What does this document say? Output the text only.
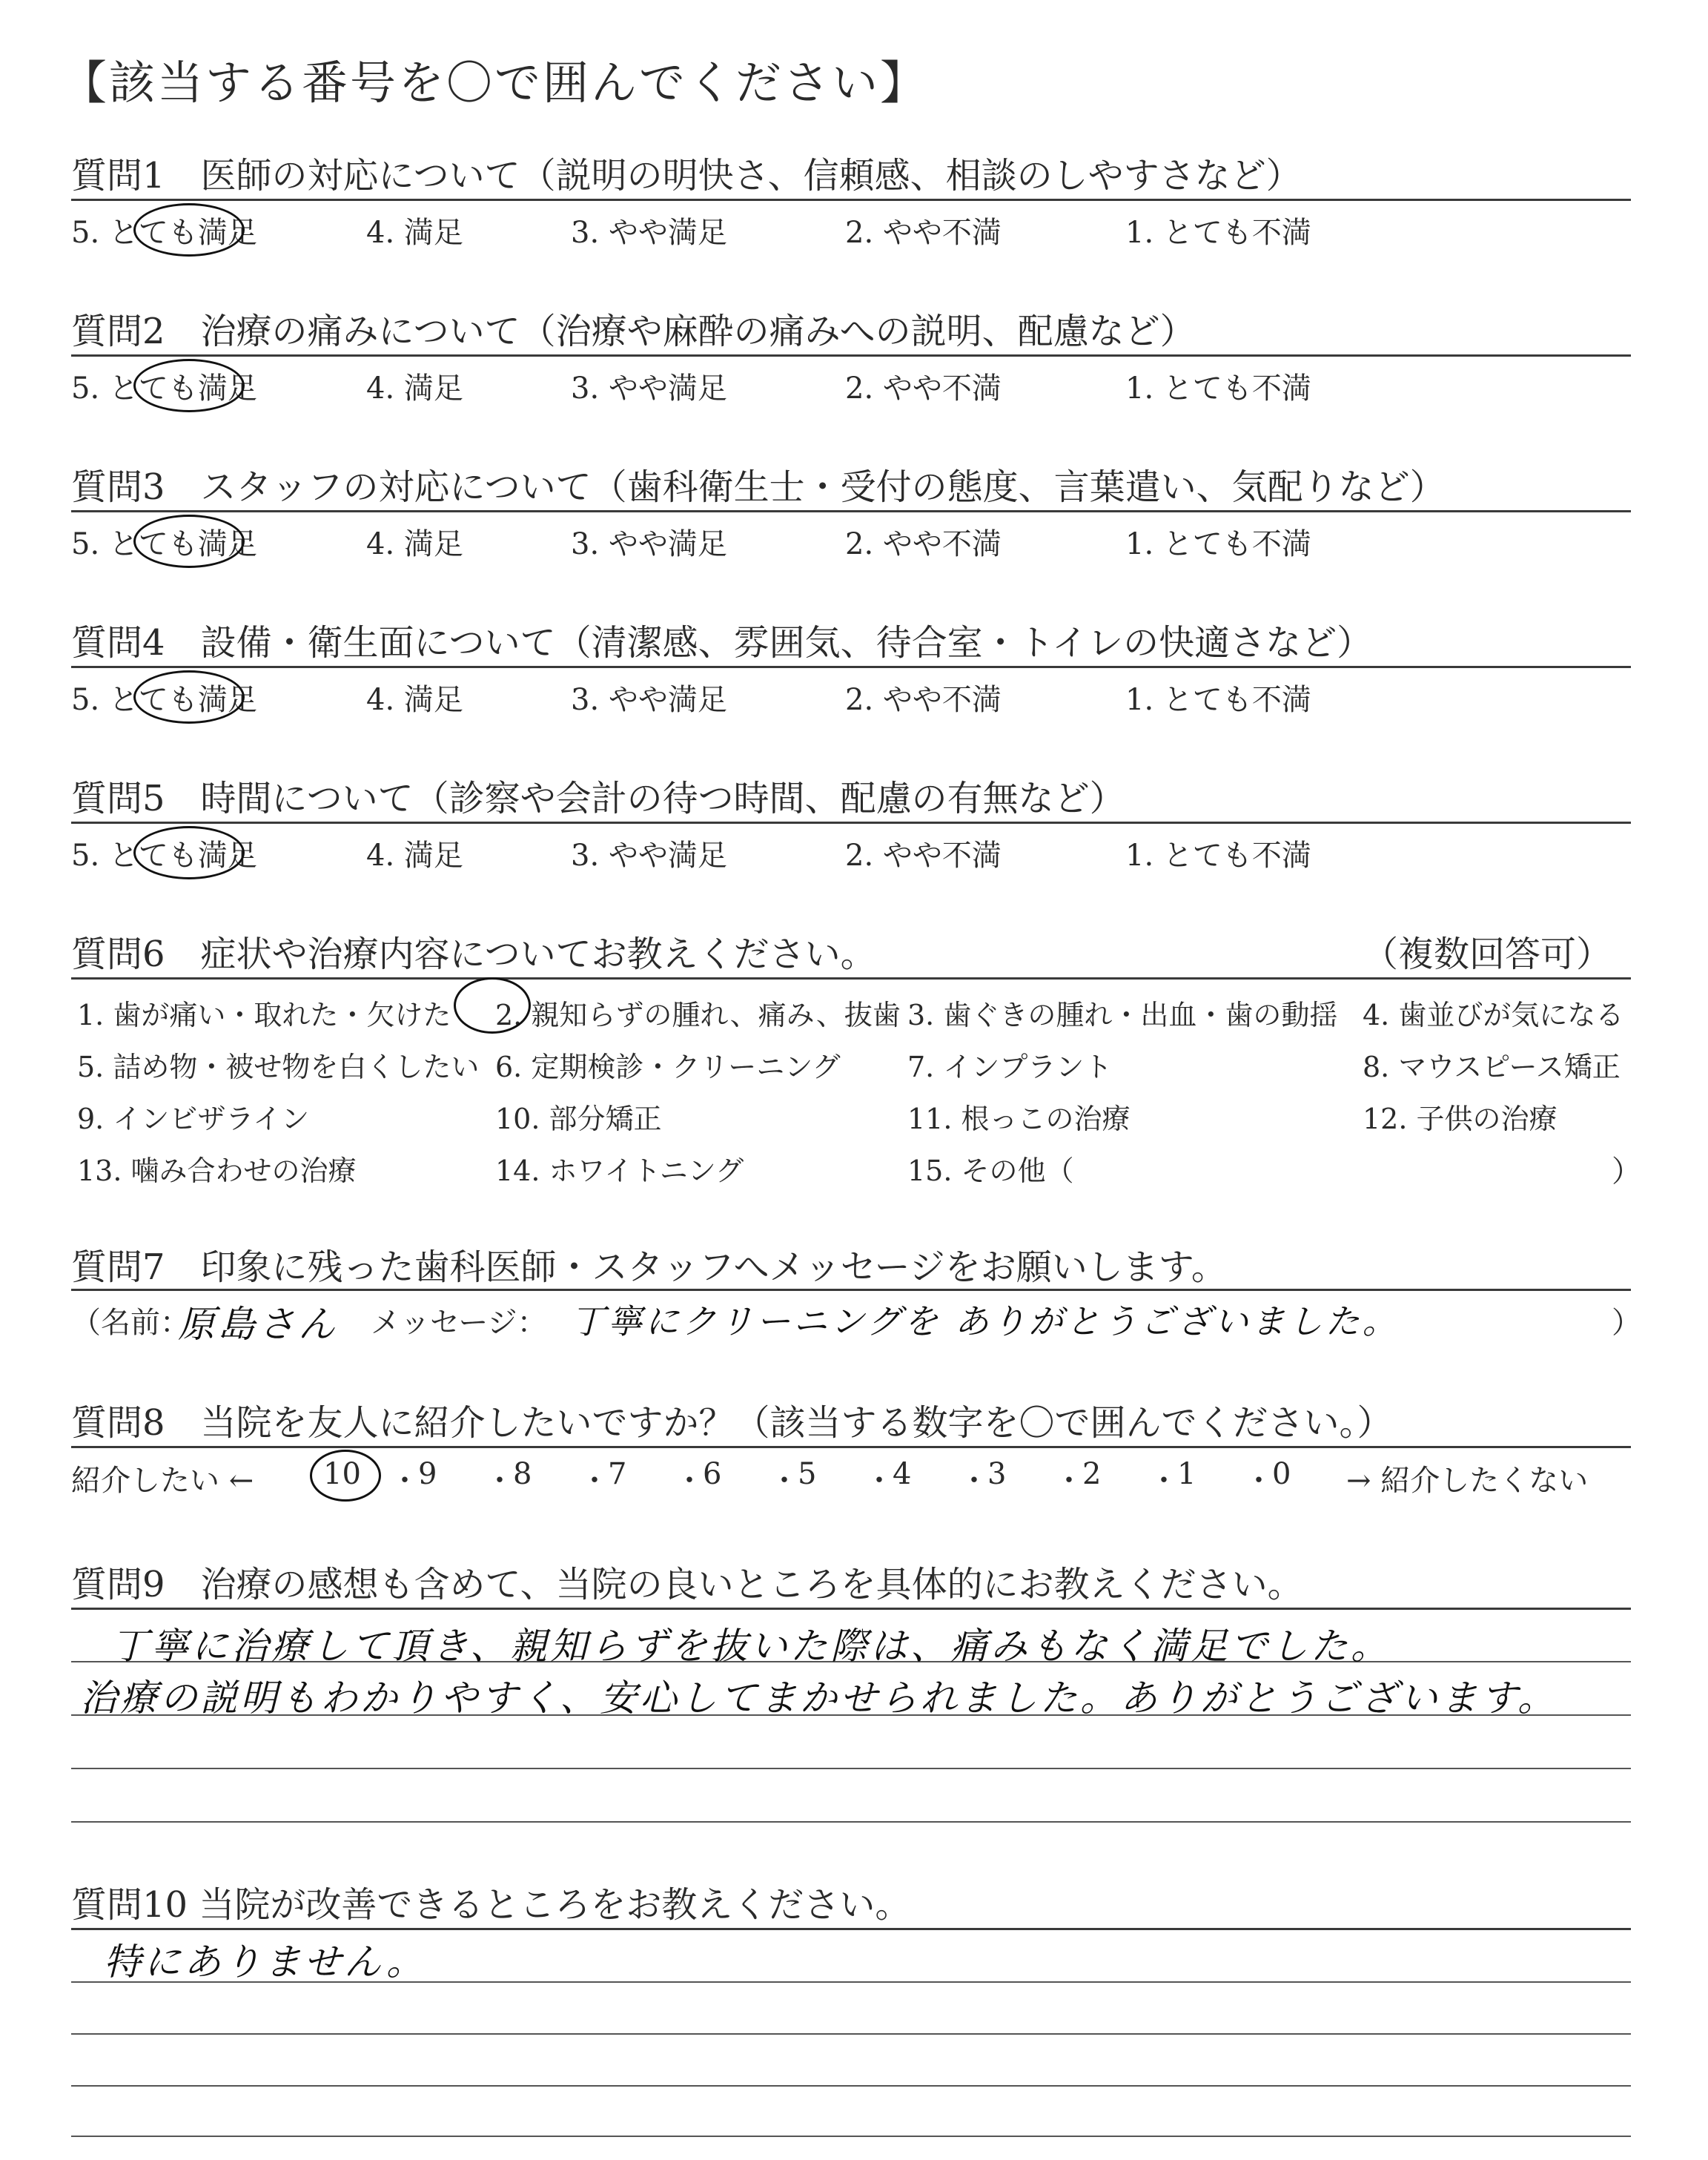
【該当する番号を〇で囲んでください】
質問1　医師の対応について（説明の明快さ、信頼感、相談のしやすさなど）
5. とても満足	4. 満足	3. やや満足	2. やや不満	1. とても不満
質問2　治療の痛みについて（治療や麻酔の痛みへの説明、配慮など）
5. とても満足	4. 満足	3. やや満足	2. やや不満	1. とても不満
質問3　スタッフの対応について（歯科衛生士・受付の態度、言葉遣い、気配りなど）
5. とても満足	4. 満足	3. やや満足	2. やや不満	1. とても不満
質問4　設備・衛生面について（清潔感、雰囲気、待合室・トイレの快適さなど）
5. とても満足	4. 満足	3. やや満足	2. やや不満	1. とても不満
質問5　時間について（診察や会計の待つ時間、配慮の有無など）
5. とても満足	4. 満足	3. やや満足	2. やや不満	1. とても不満
質問6　症状や治療内容についてお教えください。	（複数回答可）
1. 歯が痛い・取れた・欠けた 2. 親知らずの腫れ、痛み、抜歯 3. 歯ぐきの腫れ・出血・歯の動揺 4. 歯並びが気になる
5. 詰め物・被せ物を白くしたい 6. 定期検診・クリーニング 7. インプラント	8. マウスピース矯正
9. インビザライン	10. 部分矯正	11. 根っこの治療	12. 子供の治療
13. 噛み合わせの治療	14. ホワイトニング	15. その他（	）
質問7　印象に残った歯科医師・スタッフへメッセージをお願いします。
（名前：
原島さん メッセージ： 丁寧にクリーニングを ありがとうございました。	）
質問8　当院を友人に紹介したいですか？（該当する数字を〇で囲んでください。）
紹介したい ← 10 ・
9 ・
8 ・
7 ・
6 ・
5 ・
4 ・
3 ・
2 ・
1 ・
0 → 紹介したくない
質問9　治療の感想も含めて、当院の良いところを具体的にお教えください。
丁寧に治療して頂き、親知らずを抜いた際は、痛みもなく満足でした。
治療の説明もわかりやすく、安心してまかせられました。ありがとうございます。
質問10 当院が改善できるところをお教えください。
特にありません。
